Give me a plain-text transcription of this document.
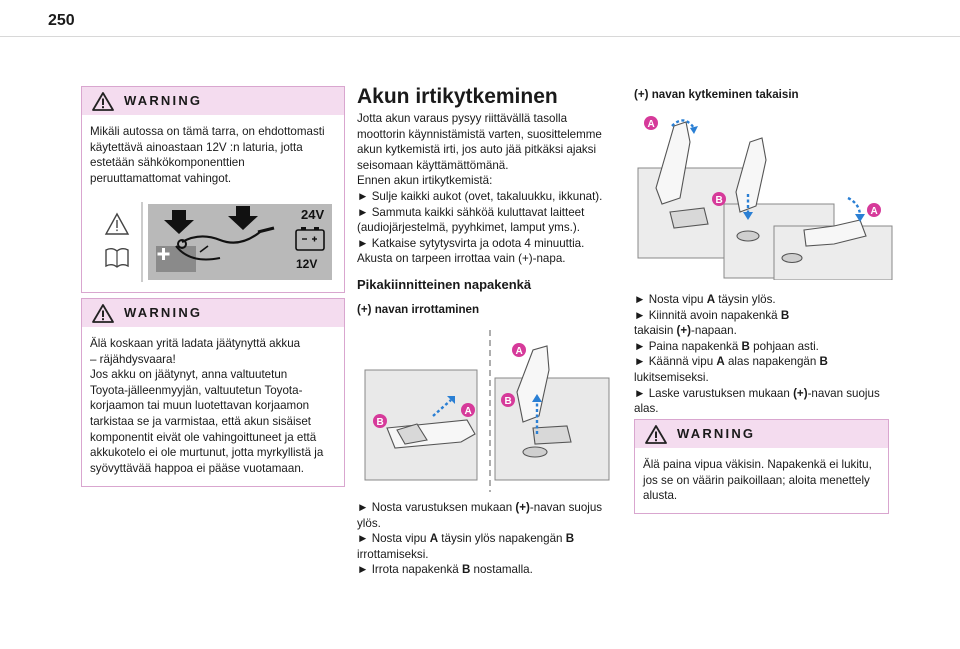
250
WARNING
Mikäli autossa on tämä tarra, on ehdottomasti
käytettävä ainoastaan 12V :n laturia, jotta
estetään sähkökomponenttien
peruuttamattomat vahingot.
24V
12V
WARNING
Älä koskaan yritä ladata jäätynyttä akkua
– räjähdysvaara!
Jos akku on jäätynyt, anna valtuutetun
Toyota-jälleenmyyjän, valtuutetun Toyota-
korjaamon tai muun luotettavan korjaamon
tarkistaa se ja varmistaa, että akun sisäiset
komponentit eivät ole vahingoittuneet ja että
akkukotelo ei ole murtunut, jotta myrkyllistä ja
syövyttävää happoa ei pääse vuotamaan.
Akun irtikytkeminen
Jotta akun varaus pysyy riittävällä tasolla
moottorin käynnistämistä varten, suosittelemme
akun kytkemistä irti, jos auto jää pitkäksi ajaksi
seisomaan käyttämättömänä.
Ennen akun irtikytkemistä:
► Sulje kaikki aukot (ovet, takaluukku, ikkunat).
► Sammuta kaikki sähköä kuluttavat laitteet
(audiojärjestelmä, pyyhkimet, lamput yms.).
► Katkaise sytytysvirta ja odota 4 minuuttia.
Akusta on tarpeen irrottaa vain (+)-napa.
Pikakiinnitteinen napakenkä
(+) navan irrottaminen
A
B
A
B
► Nosta varustuksen mukaan (+)-navan suojus
ylös.
► Nosta vipu A täysin ylös napakengän B
irrottamiseksi.
► Irrota napakenkä B nostamalla.
(+) navan kytkeminen takaisin
A
B
A
► Nosta vipu A täysin ylös.
► Kiinnitä avoin napakenkä B
takaisin (+)-napaan.
► Paina napakenkä B pohjaan asti.
► Käännä vipu A alas napakengän B
lukitsemiseksi.
► Laske varustuksen mukaan (+)-navan suojus
alas.
WARNING
Älä paina vipua väkisin. Napakenkä ei lukitu,
jos se on väärin paikoillaan; aloita menettely
alusta.
